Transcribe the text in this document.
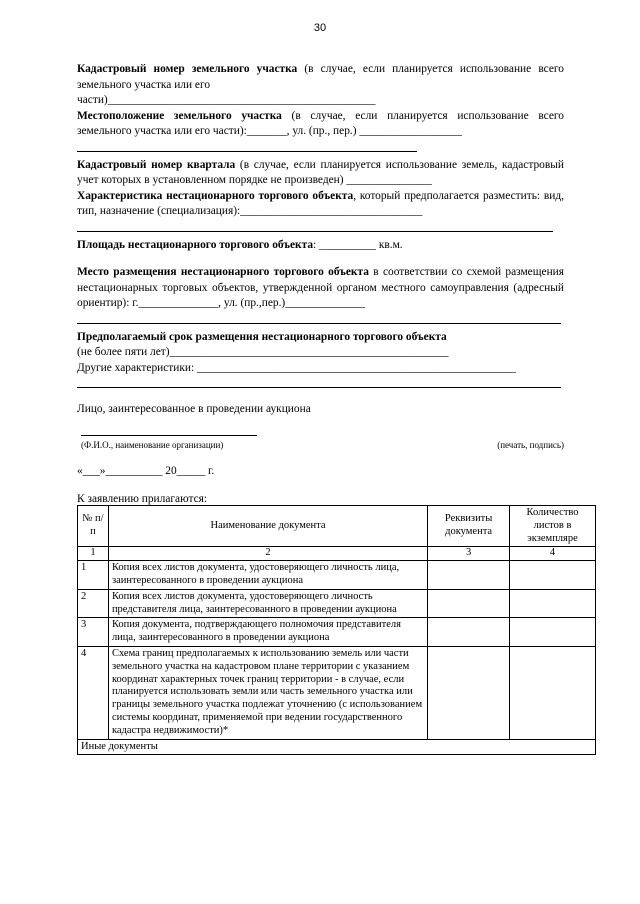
30
Кадастровый номер земельного участка (в случае, если планируется использование всего земельного участка или его
части)_______________________________________________
Местоположение земельного участка (в случае, если планируется использование всего земельного участка или его части):_______, ул. (пр., пер.) __________________
Кадастровый номер квартала (в случае, если планируется использование земель, кадастровый учет которых в установленном порядке не произведен) _______________
Характеристика нестационарного торгового объекта, который предполагается разместить: вид, тип, назначение (специализация):________________________________
Площадь нестационарного торгового объекта: __________ кв.м.
Место размещения нестационарного торгового объекта в соответствии со схемой размещения нестационарных торговых объектов, утвержденной органом местного самоуправления (адресный ориентир): г.______________, ул. (пр.,пер.)______________
Предполагаемый срок размещения нестационарного торгового объекта
(не более пяти лет)_________________________________________________
Другие характеристики: ________________________________________________________
Лицо, заинтересованное в проведении аукциона
(Ф.И.О., наименование организации)	(печать, подпись)
«___»__________ 20_____ г.
К заявлению прилагаются:
№ п/п	Наименование документа	Реквизиты документа	Количество листов в экземпляре
1	2	3	4
1	Копия всех листов документа, удостоверяющего личность лица, заинтересованного в проведении аукциона		
2	Копия всех листов документа, удостоверяющего личность представителя лица, заинтересованного в проведении аукциона		
3	Копия документа, подтверждающего полномочия представителя лица, заинтересованного в проведении аукциона		
4	Схема границ предполагаемых к использованию земель или части земельного участка на кадастровом плане территории с указанием координат характерных точек границ территории - в случае, если планируется использовать земли или часть земельного участка или границы земельного участка подлежат уточнению (с использованием системы координат, применяемой при ведении государственного кадастра недвижимости)*		
Иные документы			
